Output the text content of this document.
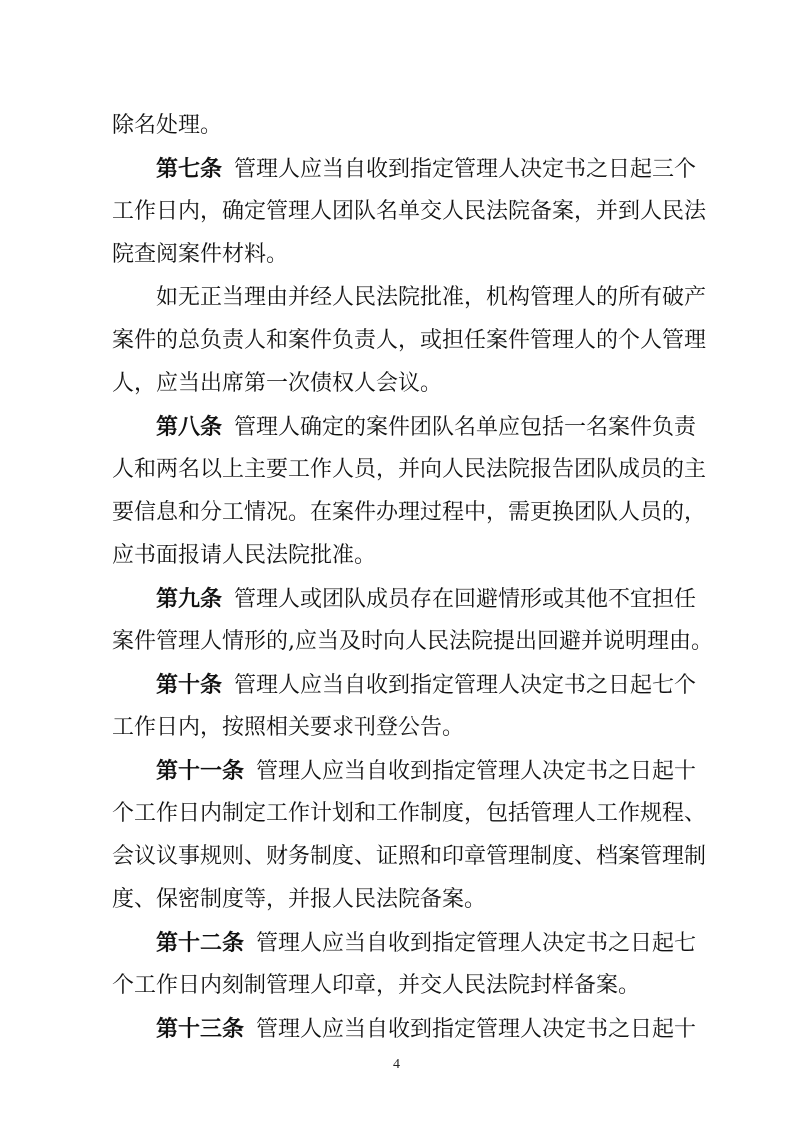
除名处理。
第七条 管理人应当自收到指定管理人决定书之日起三个
工作日内，确定管理人团队名单交人民法院备案，并到人民法
院查阅案件材料。
如无正当理由并经人民法院批准，机构管理人的所有破产
案件的总负责人和案件负责人，或担任案件管理人的个人管理
人，应当出席第一次债权人会议。
第八条 管理人确定的案件团队名单应包括一名案件负责
人和两名以上主要工作人员，并向人民法院报告团队成员的主
要信息和分工情况。在案件办理过程中，需更换团队人员的，
应书面报请人民法院批准。
第九条 管理人或团队成员存在回避情形或其他不宜担任
案件管理人情形的,应当及时向人民法院提出回避并说明理由。
第十条 管理人应当自收到指定管理人决定书之日起七个
工作日内，按照相关要求刊登公告。
第十一条 管理人应当自收到指定管理人决定书之日起十
个工作日内制定工作计划和工作制度，包括管理人工作规程、
会议议事规则、财务制度、证照和印章管理制度、档案管理制
度、保密制度等，并报人民法院备案。
第十二条 管理人应当自收到指定管理人决定书之日起七
个工作日内刻制管理人印章，并交人民法院封样备案。
第十三条 管理人应当自收到指定管理人决定书之日起十
4
